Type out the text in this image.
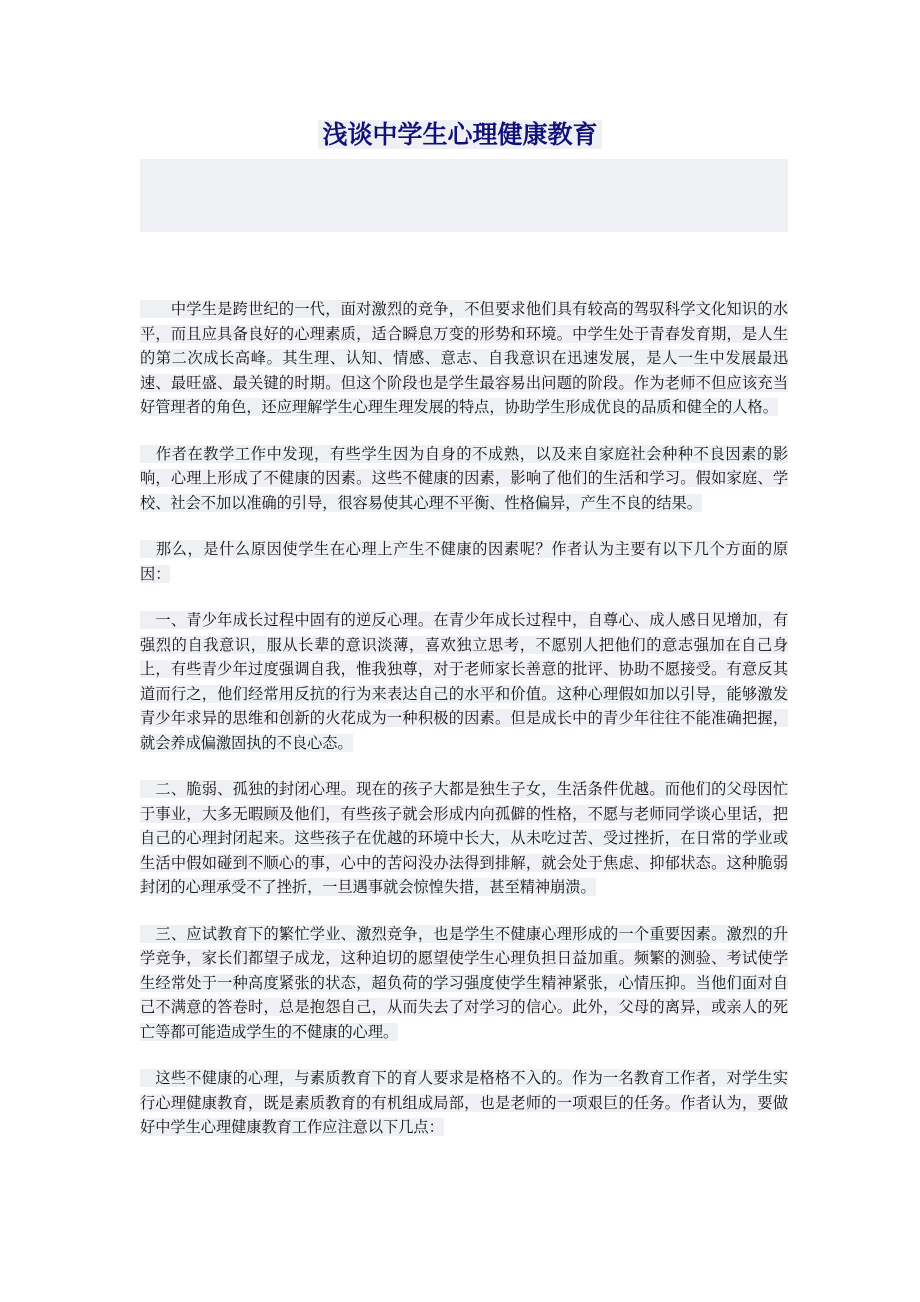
浅谈中学生心理健康教育

　　中学生是跨世纪的一代，面对激烈的竞争，不但要求他们具有较高的驾驭科学文化知识的水平，而且应具备良好的心理素质，适合瞬息万变的形势和环境。中学生处于青春发育期，是人生的第二次成长高峰。其生理、认知、情感、意志、自我意识在迅速发展，是人一生中发展最迅速、最旺盛、最关键的时期。但这个阶段也是学生最容易出问题的阶段。作为老师不但应该充当好管理者的角色，还应理解学生心理生理发展的特点，协助学生形成优良的品质和健全的人格。

　作者在教学工作中发现，有些学生因为自身的不成熟，以及来自家庭社会种种不良因素的影响，心理上形成了不健康的因素。这些不健康的因素，影响了他们的生活和学习。假如家庭、学校、社会不加以准确的引导，很容易使其心理不平衡、性格偏异，产生不良的结果。

　那么，是什么原因使学生在心理上产生不健康的因素呢？作者认为主要有以下几个方面的原因：

　一、青少年成长过程中固有的逆反心理。在青少年成长过程中，自尊心、成人感日见增加，有强烈的自我意识，服从长辈的意识淡薄，喜欢独立思考，不愿别人把他们的意志强加在自己身上，有些青少年过度强调自我，惟我独尊，对于老师家长善意的批评、协助不愿接受。有意反其道而行之，他们经常用反抗的行为来表达自己的水平和价值。这种心理假如加以引导，能够激发青少年求异的思维和创新的火花成为一种积极的因素。但是成长中的青少年往往不能准确把握，就会养成偏激固执的不良心态。

　二、脆弱、孤独的封闭心理。现在的孩子大都是独生子女，生活条件优越。而他们的父母因忙于事业，大多无暇顾及他们，有些孩子就会形成内向孤僻的性格，不愿与老师同学谈心里话，把自己的心理封闭起来。这些孩子在优越的环境中长大，从未吃过苦、受过挫折，在日常的学业或生活中假如碰到不顺心的事，心中的苦闷没办法得到排解，就会处于焦虑、抑郁状态。这种脆弱封闭的心理承受不了挫折，一旦遇事就会惊惶失措，甚至精神崩溃。

　三、应试教育下的繁忙学业、激烈竞争，也是学生不健康心理形成的一个重要因素。激烈的升学竞争，家长们都望子成龙，这种迫切的愿望使学生心理负担日益加重。频繁的测验、考试使学生经常处于一种高度紧张的状态，超负荷的学习强度使学生精神紧张，心情压抑。当他们面对自己不满意的答卷时，总是抱怨自己，从而失去了对学习的信心。此外，父母的离异，或亲人的死亡等都可能造成学生的不健康的心理。

　这些不健康的心理，与素质教育下的育人要求是格格不入的。作为一名教育工作者，对学生实行心理健康教育，既是素质教育的有机组成局部，也是老师的一项艰巨的任务。作者认为，要做好中学生心理健康教育工作应注意以下几点：
